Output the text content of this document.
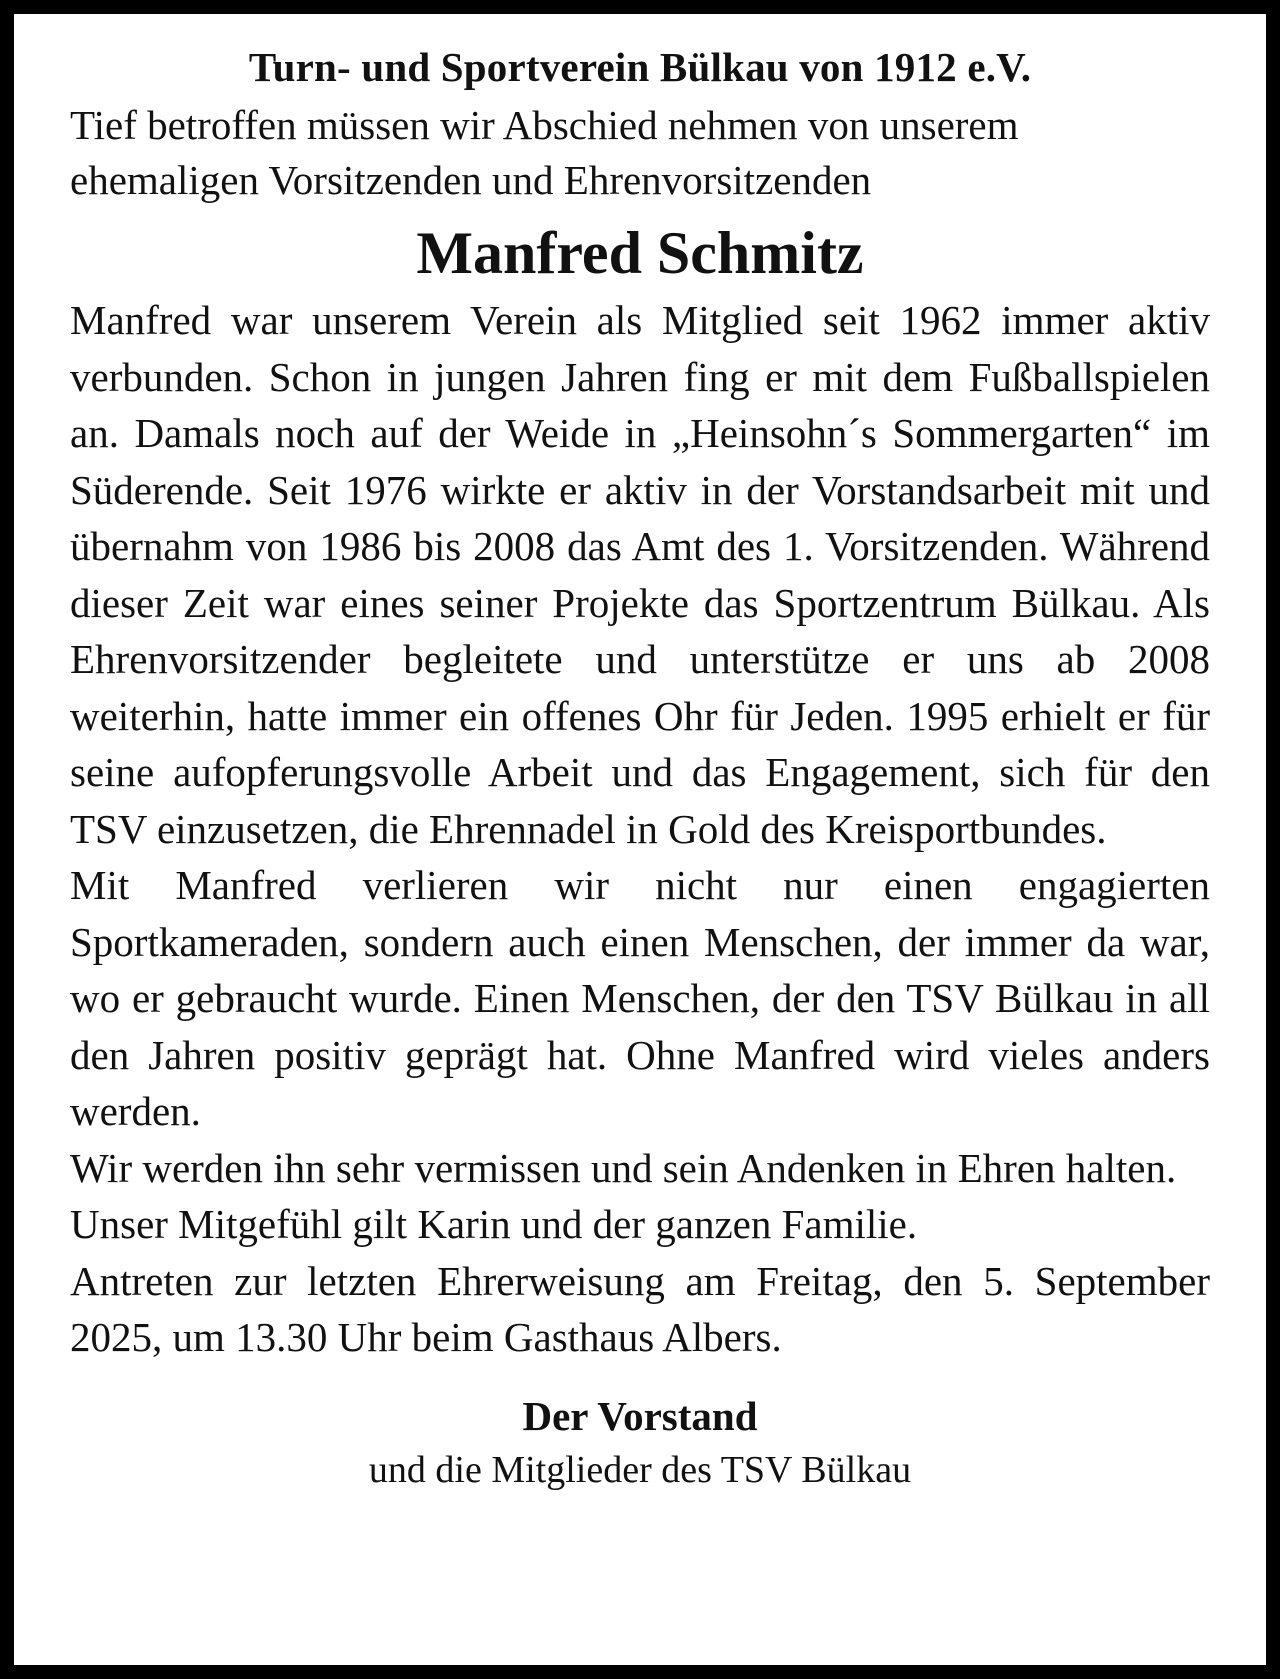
Turn- und Sportverein Bülkau von 1912 e.V.

Tief betroffen müssen wir Abschied nehmen von unserem ehemaligen Vorsitzenden und Ehrenvorsitzenden

Manfred Schmitz

Manfred war unserem Verein als Mitglied seit 1962 immer aktiv verbunden. Schon in jungen Jahren fing er mit dem Fußballspielen an. Damals noch auf der Weide in „Heinsohn´s Sommergarten“ im Süderende. Seit 1976 wirkte er aktiv in der Vorstandsarbeit mit und übernahm von 1986 bis 2008 das Amt des 1. Vorsitzenden. Während dieser Zeit war eines seiner Projekte das Sportzentrum Bülkau. Als Ehrenvorsitzender begleitete und unterstütze er uns ab 2008 weiterhin, hatte immer ein offenes Ohr für Jeden. 1995 erhielt er für seine aufopferungsvolle Arbeit und das Engagement, sich für den TSV einzusetzen, die Ehrennadel in Gold des Kreisportbundes.

Mit Manfred verlieren wir nicht nur einen engagierten Sportkameraden, sondern auch einen Menschen, der immer da war, wo er gebraucht wurde. Einen Menschen, der den TSV Bülkau in all den Jahren positiv geprägt hat. Ohne Manfred wird vieles anders werden.

Wir werden ihn sehr vermissen und sein Andenken in Ehren halten.

Unser Mitgefühl gilt Karin und der ganzen Familie.

Antreten zur letzten Ehrerweisung am Freitag, den 5. September 2025, um 13.30 Uhr beim Gasthaus Albers.

Der Vorstand
und die Mitglieder des TSV Bülkau
